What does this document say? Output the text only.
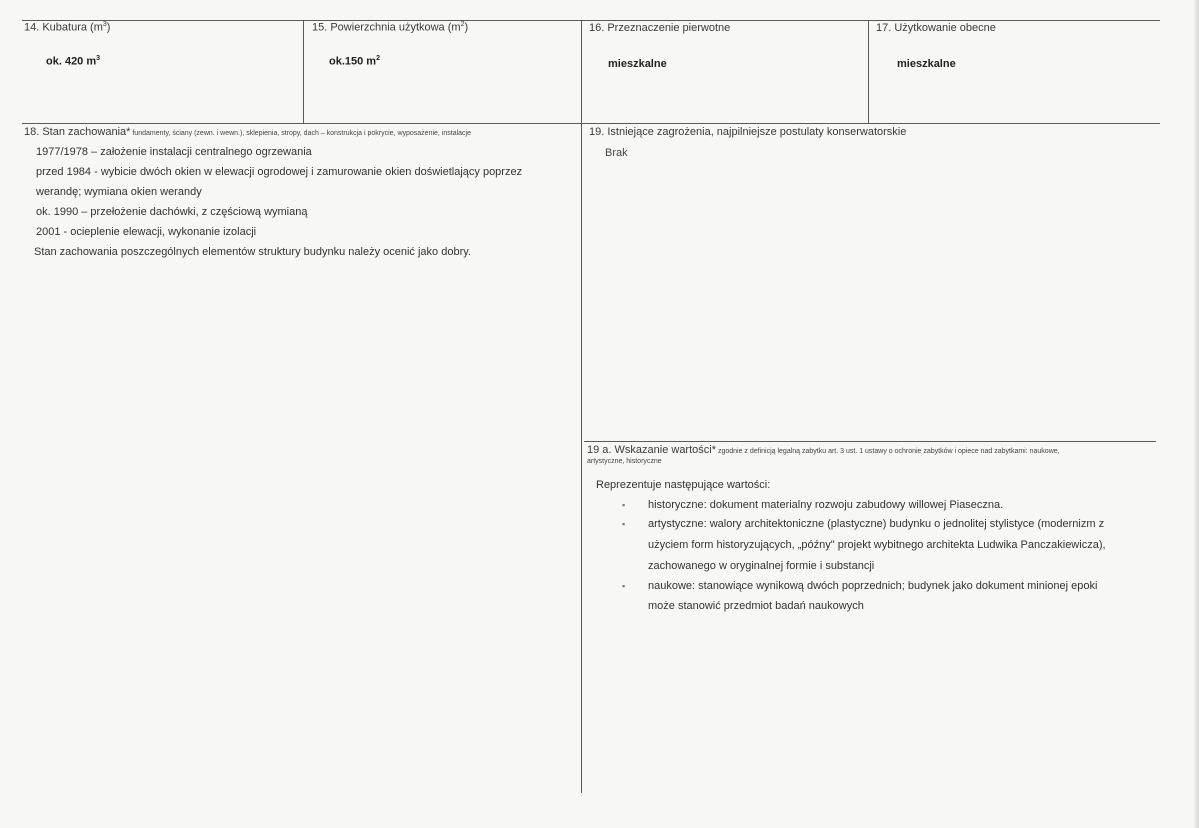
14. Kubatura $(m^3)$
ok. 420 $m^3$
15. Powierzchnia użytkowa $(m^2)$
ok.150 $m^2$
16. Przeznaczenie pierwotne
mieszkalne
17. Użytkowanie obecne
mieszkalne
18. Stan zachowania* fundamenty, ściany (zewn. i wewn.), sklepienia, stropy, dach – konstrukcja i pokrycie, wyposażenie, instalacje
1977/1978 – założenie instalacji centralnego ogrzewania
przed 1984 - wybicie dwóch okien w elewacji ogrodowej i zamurowanie okien doświetlający poprzez
werandę; wymiana okien werandy
ok. 1990 – przełożenie dachówki, z częściową wymianą
2001 - ocieplenie elewacji, wykonanie izolacji
Stan zachowania poszczególnych elementów struktury budynku należy ocenić jako dobry.
19. Istniejące zagrożenia, najpilniejsze postulaty konserwatorskie
Brak
19 a. Wskazanie wartości* zgodnie z definicją legalną zabytku art. 3 ust. 1 ustawy o ochronie zabytków i opiece nad zabytkami: naukowe,
artystyczne, historyczne
Reprezentuje następujące wartości:
▪ historyczne: dokument materialny rozwoju zabudowy willowej Piaseczna.
▪ artystyczne: walory architektoniczne (plastyczne) budynku o jednolitej stylistyce (modernizm z
użyciem form historyzujących, „późny" projekt wybitnego architekta Ludwika Panczakiewicza),
zachowanego w oryginalnej formie i substancji
▪ naukowe: stanowiące wynikową dwóch poprzednich; budynek jako dokument minionej epoki
może stanowić przedmiot badań naukowych
